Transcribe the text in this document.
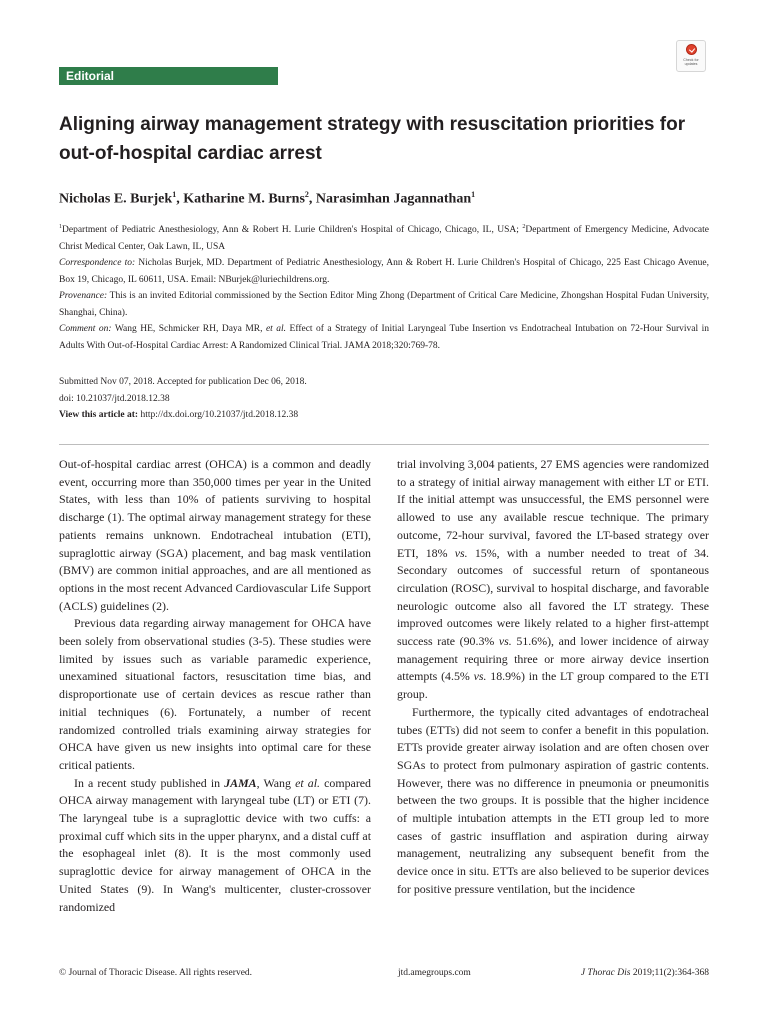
Editorial
Check for updates
Aligning airway management strategy with resuscitation priorities for out-of-hospital cardiac arrest
Nicholas E. Burjek$^1$, Katharine M. Burns$^2$, Narasimhan Jagannathan$^1$

$^1$Department of Pediatric Anesthesiology, Ann & Robert H. Lurie Children's Hospital of Chicago, Chicago, IL, USA; $^2$Department of Emergency Medicine, Advocate Christ Medical Center, Oak Lawn, IL, USA

Correspondence to: Nicholas Burjek, MD. Department of Pediatric Anesthesiology, Ann & Robert H. Lurie Children's Hospital of Chicago, 225 East Chicago Avenue, Box 19, Chicago, IL 60611, USA. Email: NBurjek@luriechildrens.org.

Provenance: This is an invited Editorial commissioned by the Section Editor Ming Zhong (Department of Critical Care Medicine, Zhongshan Hospital Fudan University, Shanghai, China).

Comment on: Wang HE, Schmicker RH, Daya MR, et al. Effect of a Strategy of Initial Laryngeal Tube Insertion vs Endotracheal Intubation on 72-Hour Survival in Adults With Out-of-Hospital Cardiac Arrest: A Randomized Clinical Trial. JAMA 2018;320:769-78.

Submitted Nov 07, 2018. Accepted for publication Dec 06, 2018.
doi: 10.21037/jtd.2018.12.38
View this article at: http://dx.doi.org/10.21037/jtd.2018.12.38

Out-of-hospital cardiac arrest (OHCA) is a common and deadly event, occurring more than 350,000 times per year in the United States, with less than 10% of patients surviving to hospital discharge (1). The optimal airway management strategy for these patients remains unknown. Endotracheal intubation (ETI), supraglottic airway (SGA) placement, and bag mask ventilation (BMV) are common initial approaches, and are all mentioned as options in the most recent Advanced Cardiovascular Life Support (ACLS) guidelines (2).

Previous data regarding airway management for OHCA have been solely from observational studies (3-5). These studies were limited by issues such as variable paramedic experience, unexamined situational factors, resuscitation time bias, and disproportionate use of certain devices as rescue rather than initial techniques (6). Fortunately, a number of recent randomized controlled trials examining airway strategies for OHCA have given us new insights into optimal care for these critical patients.

In a recent study published in JAMA, Wang et al. compared OHCA airway management with laryngeal tube (LT) or ETI (7). The laryngeal tube is a supraglottic device with two cuffs: a proximal cuff which sits in the upper pharynx, and a distal cuff at the esophageal inlet (8). It is the most commonly used supraglottic device for airway management of OHCA in the United States (9). In Wang's multicenter, cluster-crossover randomized

trial involving 3,004 patients, 27 EMS agencies were randomized to a strategy of initial airway management with either LT or ETI. If the initial attempt was unsuccessful, the EMS personnel were allowed to use any available rescue technique. The primary outcome, 72-hour survival, favored the LT-based strategy over ETI, 18% vs. 15%, with a number needed to treat of 34. Secondary outcomes of successful return of spontaneous circulation (ROSC), survival to hospital discharge, and favorable neurologic outcome also all favored the LT strategy. These improved outcomes were likely related to a higher first-attempt success rate (90.3% vs. 51.6%), and lower incidence of airway management requiring three or more airway device insertion attempts (4.5% vs. 18.9%) in the LT group compared to the ETI group.

Furthermore, the typically cited advantages of endotracheal tubes (ETTs) did not seem to confer a benefit in this population. ETTs provide greater airway isolation and are often chosen over SGAs to protect from pulmonary aspiration of gastric contents. However, there was no difference in pneumonia or pneumonitis between the two groups. It is possible that the higher incidence of multiple intubation attempts in the ETI group led to more cases of gastric insufflation and aspiration during airway management, neutralizing any subsequent benefit from the device once in situ. ETTs are also believed to be superior devices for positive pressure ventilation, but the incidence

© Journal of Thoracic Disease. All rights reserved.	jtd.amegroups.com	J Thorac Dis 2019;11(2):364-368
